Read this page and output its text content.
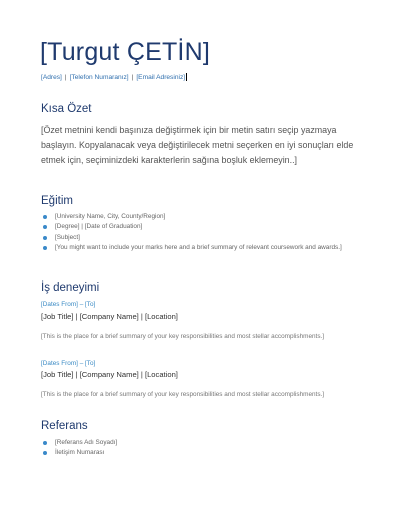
[Turgut ÇETİN]
[Adres] | [Telefon Numaranız] | [Email Adresiniz]
Kısa Özet
[Özet metnini kendi başınıza değiştirmek için bir metin satırı seçip yazmaya başlayın. Kopyalanacak veya değiştirilecek metni seçerken en iyi sonuçları elde etmek için, seçiminizdeki karakterlerin sağına boşluk eklemeyin..]
Eğitim
[University Name, City, County/Region]
[Degree] | [Date of Graduation]
[Subject]
[You might want to include your marks here and a brief summary of relevant coursework and awards.]
İş deneyimi
[Dates From] – [To]
[Job Title] | [Company Name] | [Location]
[This is the place for a brief summary of your key responsibilities and most stellar accomplishments.]
[Dates From] – [To]
[Job Title] | [Company Name] | [Location]
[This is the place for a brief summary of your key responsibilities and most stellar accomplishments.]
Referans
[Referans Adı Soyadı]
İletişim Numarası
